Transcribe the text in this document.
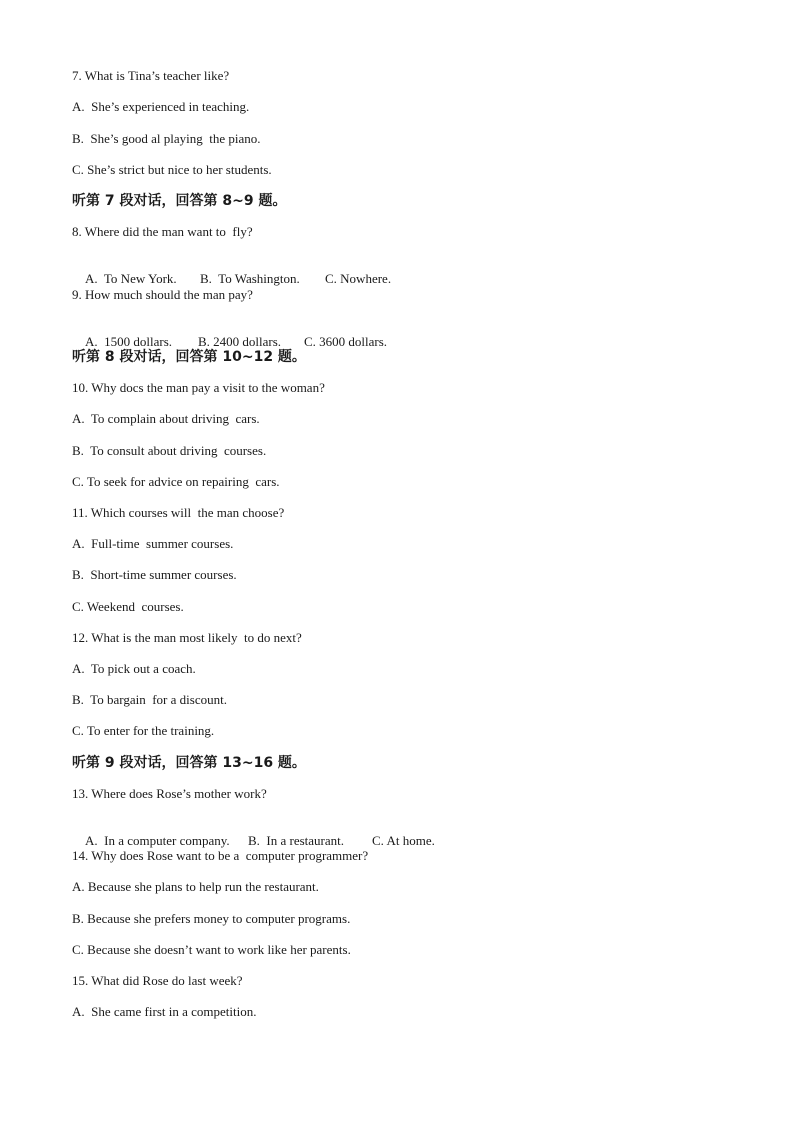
7. What is Tina’s teacher like?
A.  She’s experienced in teaching.
B.  She’s good al playing  the piano.
C. She’s strict but nice to her students.
听第 7 段对话，回答第 8~9 题。
8. Where did the man want to  fly?

A.  To New York. B.  To Washington. C. Nowhere.

9. How much should the man pay?

A.  1500 dollars. B. 2400 dollars. C. 3600 dollars.

听第 8 段对话，回答第 10~12 题。
10. Why docs the man pay a visit to the woman?
A.  To complain about driving  cars.
B.  To consult about driving  courses.
C. To seek for advice on repairing  cars.
11. Which courses will  the man choose?
A.  Full-time  summer courses.
B.  Short-time summer courses.
C. Weekend  courses.
12. What is the man most likely  to do next?
A.  To pick out a coach.
B.  To bargain  for a discount.
C. To enter for the training.
听第 9 段对话，回答第 13~16 题。
13. Where does Rose’s mother work?

A.  In a computer company. B.  In a restaurant. C. At home.

14. Why does Rose want to be a  computer programmer?
A. Because she plans to help run the restaurant.
B. Because she prefers money to computer programs.
C. Because she doesn’t want to work like her parents.
15. What did Rose do last week?
A.  She came first in a competition.
